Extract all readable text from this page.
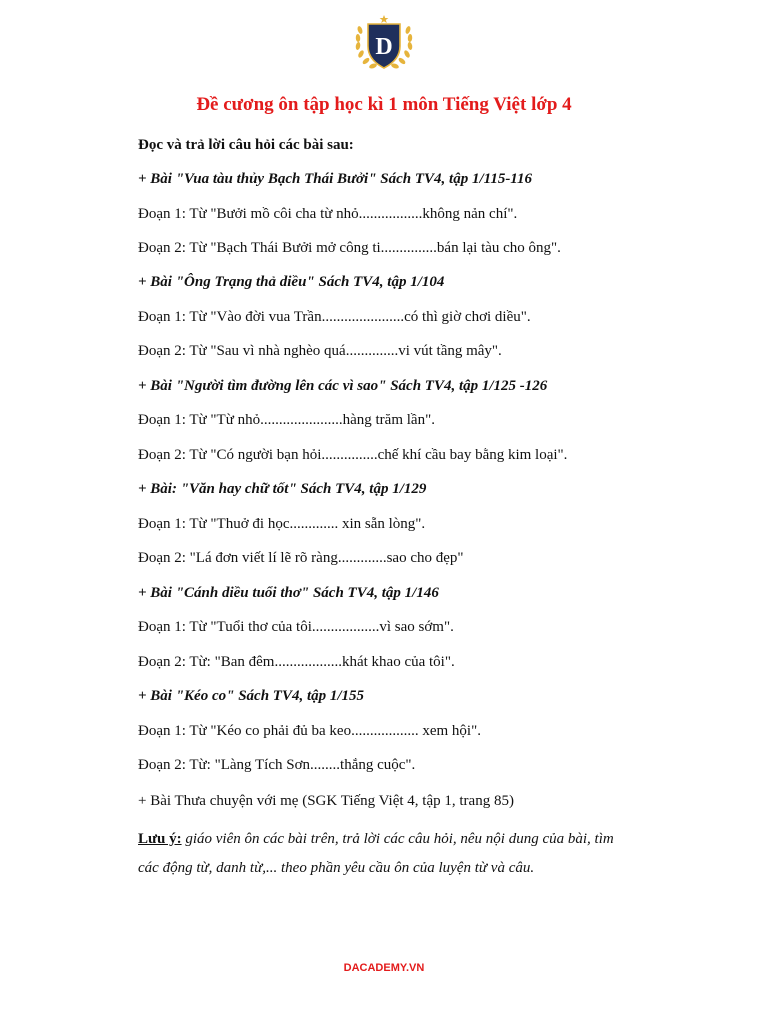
D
Đề cương ôn tập học kì 1 môn Tiếng Việt lớp 4
Đọc và trả lời câu hỏi các bài sau:
+ Bài "Vua tàu thủy Bạch Thái Bưởi" Sách TV4, tập 1/115-116
Đoạn 1: Từ "Bưởi mồ côi cha từ nhỏ.................không nản chí".
Đoạn 2: Từ "Bạch Thái Bưởi mở công ti...............bán lại tàu cho ông".
+ Bài "Ông Trạng thả diều" Sách TV4, tập 1/104
Đoạn 1: Từ "Vào đời vua Trần......................có thì giờ chơi diều".
Đoạn 2: Từ "Sau vì nhà nghèo quá..............vi vút tầng mây".
+ Bài "Người tìm đường lên các vì sao" Sách TV4, tập 1/125 -126
Đoạn 1: Từ "Từ nhỏ......................hàng trăm lần".
Đoạn 2: Từ "Có người bạn hỏi...............chế khí cầu bay bằng kim loại".
+ Bài: "Văn hay chữ tốt" Sách TV4, tập 1/129
Đoạn 1: Từ "Thuở đi học............. xin sẵn lòng".
Đoạn 2: "Lá đơn viết lí lẽ rõ ràng.............sao cho đẹp"
+ Bài "Cánh diều tuổi thơ" Sách TV4, tập 1/146
Đoạn 1: Từ "Tuổi thơ của tôi..................vì sao sớm".
Đoạn 2: Từ: "Ban đêm..................khát khao của tôi".
+ Bài "Kéo co" Sách TV4, tập 1/155
Đoạn 1: Từ "Kéo co phải đủ ba keo.................. xem hội".
Đoạn 2: Từ: "Làng Tích Sơn........thắng cuộc".
+ Bài Thưa chuyện với mẹ (SGK Tiếng Việt 4, tập 1, trang 85)
Lưu ý: giáo viên ôn các bài trên, trả lời các câu hỏi, nêu nội dung của bài, tìm các động từ, danh từ,... theo phần yêu cầu ôn của luyện từ và câu.
DACADEMY.VN
